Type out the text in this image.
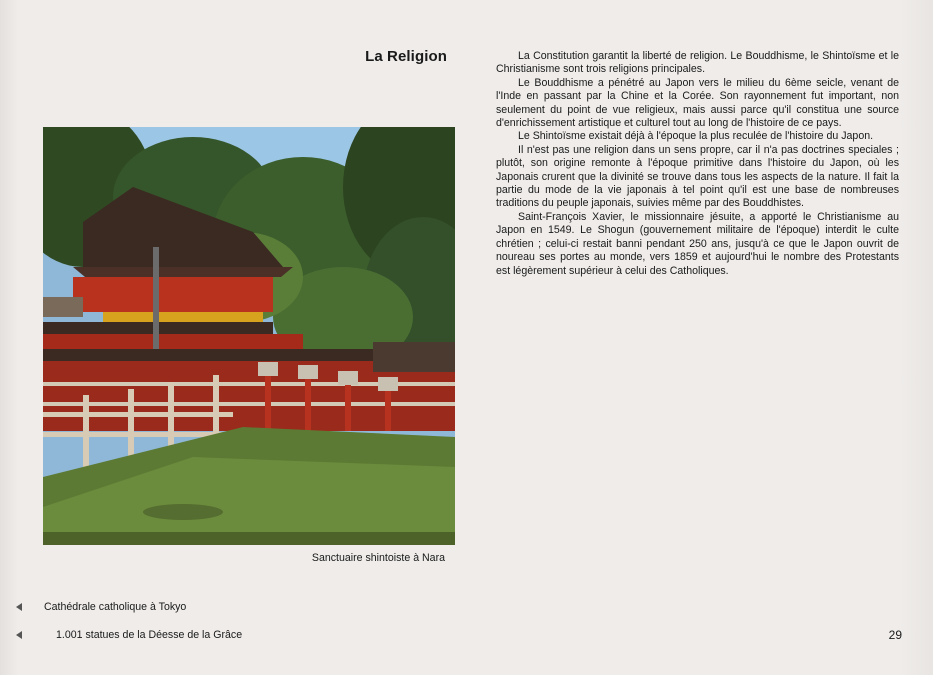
La Religion	La Constitution garantit la liberté de religion. Le Bouddhisme, le Shintoïsme et le Christianisme sont trois religions principales.

Le Bouddhisme a pénétré au Japon vers le milieu du 6ème seicle, venant de l'Inde en passant par la Chine et la Corée. Son rayonnement fut important, non seulement du point de vue religieux, mais aussi parce qu'il constitua une source d'enrichissement artistique et culturel tout au long de l'histoire de ce pays.

Le Shintoïsme existait déjà à l'époque la plus reculée de l'histoire du Japon.

Il n'est pas une religion dans un sens propre, car il n'a pas doctrines speciales ; plutôt, son origine remonte à l'époque primitive dans l'histoire du Japon, où les Japonais crurent que la divinité se trouve dans tous les aspects de la nature. Il fait la partie du mode de la vie japonais à tel point qu'il est une base de nombreuses traditions du peuple japonais, suivies même par des Bouddhistes.

Saint-François Xavier, le missionnaire jésuite, a apporté le Christianisme au Japon en 1549. Le Shogun (gouvernement militaire de l'époque) interdit le culte chrétien ; celui-ci restait banni pendant 250 ans, jusqu'à ce que le Japon ouvrit de noureau ses portes au monde, vers 1859 et aujourd'hui le nombre des Protestants est légèrement supérieur à celui des Catholiques.

Sanctuaire shintoiste à Nara
Cathédrale catholique à Tokyo
1.001 statues de la Déesse de la Grâce	29
